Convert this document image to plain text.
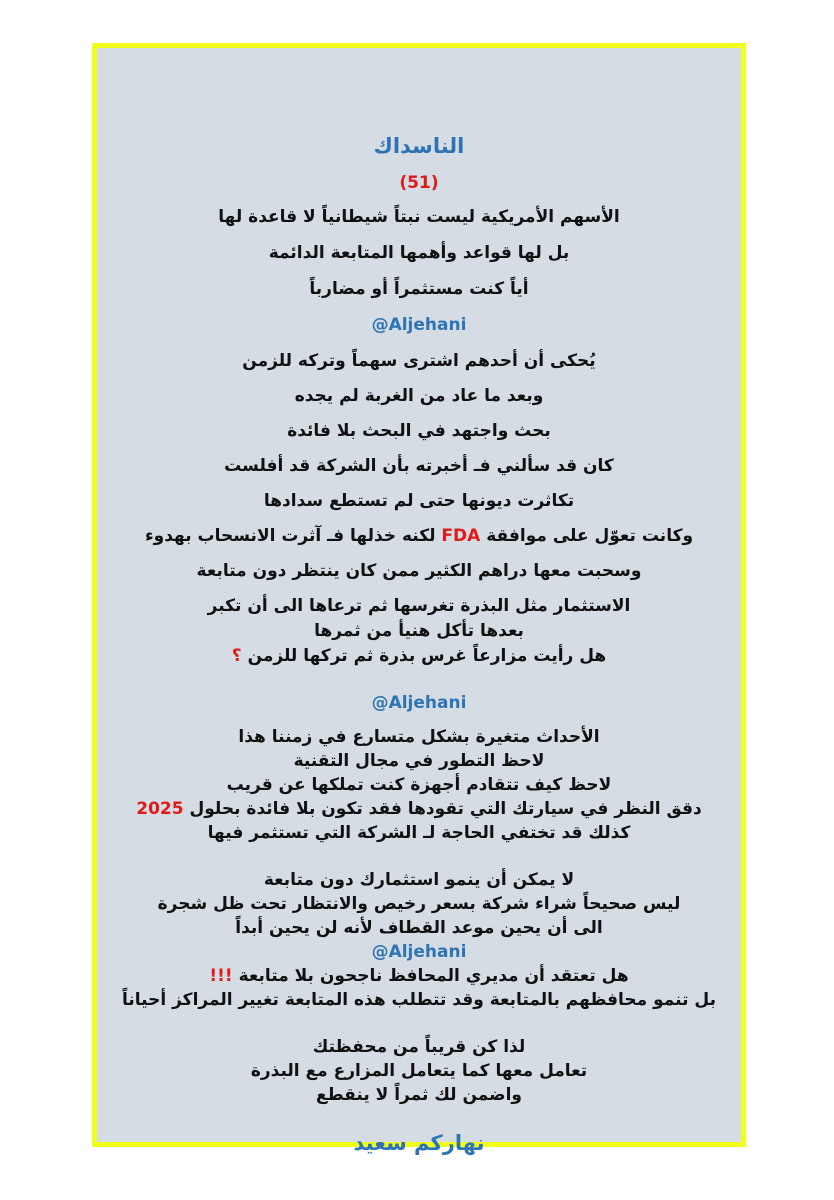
الناسداك
(51)
الأسهم الأمريكية ليست نبتاً شيطانياً لا قاعدة لها
بل لها قواعد وأهمها المتابعة الدائمة
أياً كنت مستثمراً أو مضارباً
@Aljehani
يُحكى أن أحدهم اشترى سهماً وتركه للزمن
وبعد ما عاد من الغربة لم يجده
بحث واجتهد في البحث بلا فائدة
كان قد سألني فـ أخبرته بأن الشركة قد أفلست
تكاثرت ديونها حتى لم تستطع سدادها
وكانت تعوّل على موافقة FDA لكنه خذلها فـ آثرت الانسحاب بهدوء
وسحبت معها دراهم الكثير ممن كان ينتظر دون متابعة
الاستثمار مثل البذرة تغرسها ثم ترعاها الى أن تكبر
بعدها تأكل هنيأ من ثمرها
هل رأيت مزارعاً غرس بذرة ثم تركها للزمن ؟
@Aljehani
الأحداث متغيرة بشكل متسارع في زمننا هذا
لاحظ التطور في مجال التقنية
لاحظ كيف تتقادم أجهزة كنت تملكها عن قريب
دقق النظر في سيارتك التي تقودها فقد تكون بلا فائدة بحلول 2025
كذلك قد تختفي الحاجة لـ الشركة التي تستثمر فيها
لا يمكن أن ينمو استثمارك دون متابعة
ليس صحيحاً شراء شركة بسعر رخيص والانتظار تحت ظل شجرة
الى أن يحين موعد القطاف لأنه لن يحين أبداً
@Aljehani
هل تعتقد أن مديري المحافظ ناجحون بلا متابعة !!!
بل تنمو محافظهم بالمتابعة وقد تتطلب هذه المتابعة تغيير المراكز أحياناً
لذا كن قريباً من محفظتك
تعامل معها كما يتعامل المزارع مع البذرة
واضمن لك ثمراً لا ينقطع
نهاركم سعيد
